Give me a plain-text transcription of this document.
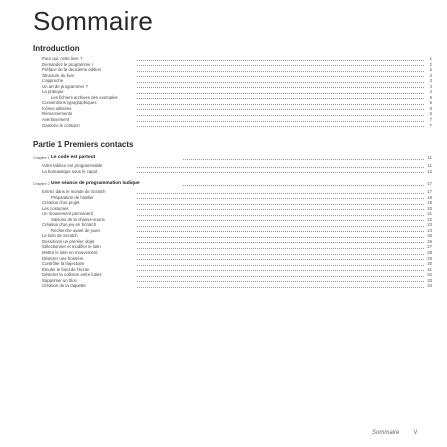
Sommaire
Introduction
Pour qui, cette livre ?	1
Demandez le programme !	2
Préface de la deuxième édition	2
Structure du livre	3
L'approche	3
Un art de programmer ?	4
La pratique	4
Les fichiers archives des exemples	5
Conventions typographiques	5
Icônes utilisées	6
Remerciements	6
Avertissement	7
Gardons le contact !	7
Partie 1 Premiers contacts
Chapitre 1 Le code est partout	11
Votre tableur est programmable	11
La bureautique sous le capot	12
Chapitre 2 Une séance de programmation ludique	17
Entrez dans le monde de Scratch	17
Préparation de l'atelier	18
Création d'un projet	19
Les costumes	20
Un mouvement permanent	21
Saisons de la chauve-souris	22
Création d'un jeu en Scratch	23
Recherche avant de jouer	24
Le lutin de Scratch	25
Dessinons un premier objet	26
Sélectionner et modifier le lutin	27
Mettre le lutin en mouvement	28
Détecter une frontière	29
Contrôler la trajectoire	30
Émuler le fond de l'écran	31
Détecter la collision entre lutins	32
Supprimer un bloc	33
Création de la raquette	34
Sommaire V
